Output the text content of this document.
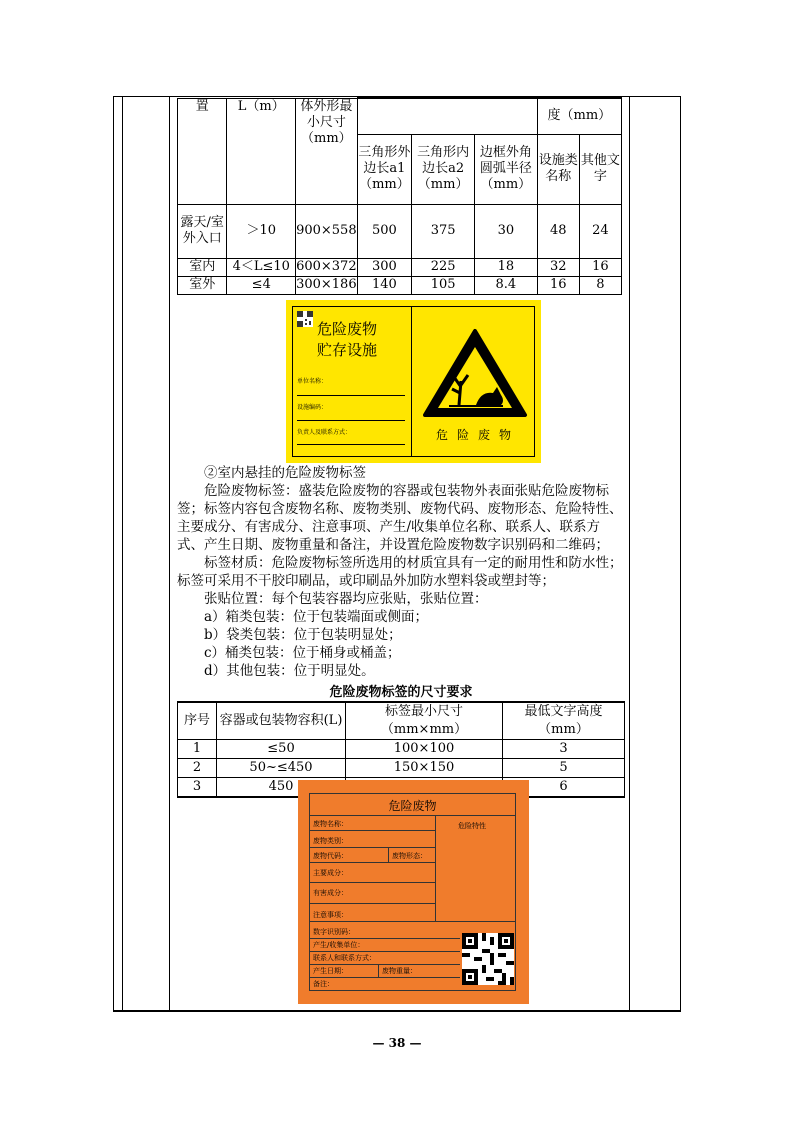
置	L（m）	体外形最小尺寸（mm）				度（mm）	
			三角形外边长a1（mm）	三角形内边长a2（mm）	边框外角圆弧半径（mm）	设施类名称	其他文字
露天/室外入口	＞10	900×558	500	375	30	48	24
室内	4＜L≤10	600×372	300	225	18	32	16
室外	≤4	300×186	140	105	8.4	16	8
危险废物
贮存设施
单位名称：
设施编码：
负责人及联系方式：	危险废物

②室内悬挂的危险废物标签

危险废物标签：盛装危险废物的容器或包装物外表面张贴危险废物标签；标签内容包含废物名称、废物类别、废物代码、废物形态、危险特性、主要成分、有害成分、注意事项、产生/收集单位名称、联系人、联系方式、产生日期、废物重量和备注，并设置危险废物数字识别码和二维码；

标签材质：危险废物标签所选用的材质宜具有一定的耐用性和防水性；标签可采用不干胶印刷品，或印刷品外加防水塑料袋或塑封等；

张贴位置：每个包装容器均应张贴，张贴位置：

a）箱类包装：位于包装端面或侧面；

b）袋类包装：位于包装明显处；

c）桶类包装：位于桶身或桶盖；

d）其他包装：位于明显处。

危险废物标签的尺寸要求
序号	容器或包装物容积(L)	标签最小尺寸（mm×mm）	最低文字高度（mm）
1	≤50	100×100	3
2	50~≤450	150×150	5
3	450		6
危险废物
废物名称：	危险特性
废物类别：
废物代码：	废物形态：
主要成分：
有害成分：
注意事项：
数字识别码：
产生/收集单位：
联系人和联系方式：
产生日期：	废物重量：
备注：
— 38 —
